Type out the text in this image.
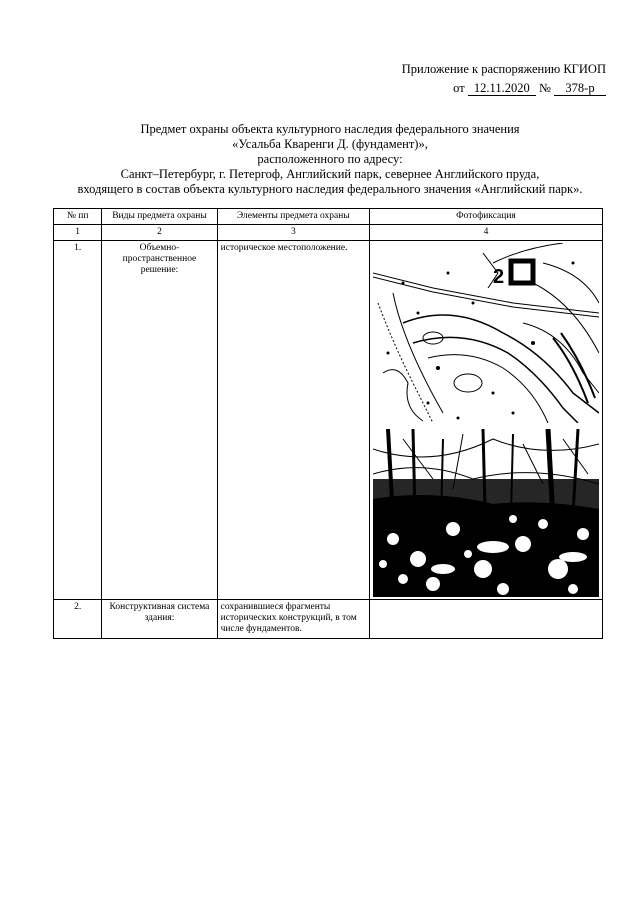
Приложение к распоряжению КГИОП
от 12.11.2020 № 378-р
Предмет охраны объекта культурного наследия федерального значения
«Усальба Кваренги Д. (фундамент)»,
расположенного по адресу:
Санкт–Петербург, г. Петергоф, Английский парк, севернее Английского пруда,
входящего в состав объекта культурного наследия федерального значения «Английский парк».
№ пп	Виды предмета охраны	Элементы предмета охраны	Фотофиксация
1	2	3	4
1.	Объемно-пространственное решение:	историческое местоположение.	2

2.	Конструктивная система здания:	сохранившиеся фрагменты исторических конструкций, в том числе фундаментов.	
